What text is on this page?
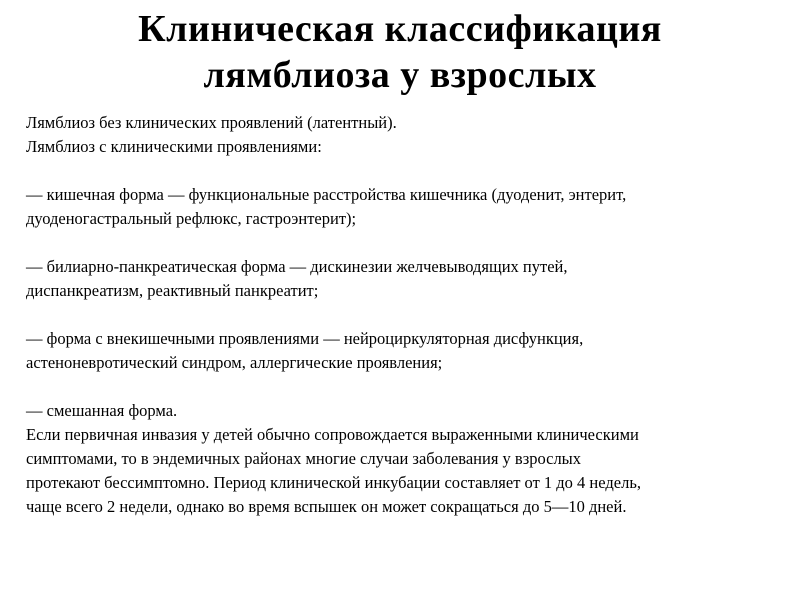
Клиническая классификация
лямблиоза у взрослых

Лямблиоз без клинических проявлений (латентный).

Лямблиоз с клиническими проявлениями:

— кишечная форма — функциональные расстройства кишечника (дуоденит, энтерит,

дуоденогастральный рефлюкс, гастроэнтерит);

— билиарно-панкреатическая форма — дискинезии желчевыводящих путей,

диспанкреатизм, реактивный панкреатит;

— форма с внекишечными проявлениями — нейроциркуляторная дисфункция,

астеноневротический синдром, аллергические проявления;

— смешанная форма.

Если первичная инвазия у детей обычно сопровождается выраженными клиническими

симптомами, то в эндемичных районах многие случаи заболевания у взрослых

протекают бессимптомно. Период клинической инкубации составляет от 1 до 4 недель,

чаще всего 2 недели, однако во время вспышек он может сокращаться до 5—10 дней.
